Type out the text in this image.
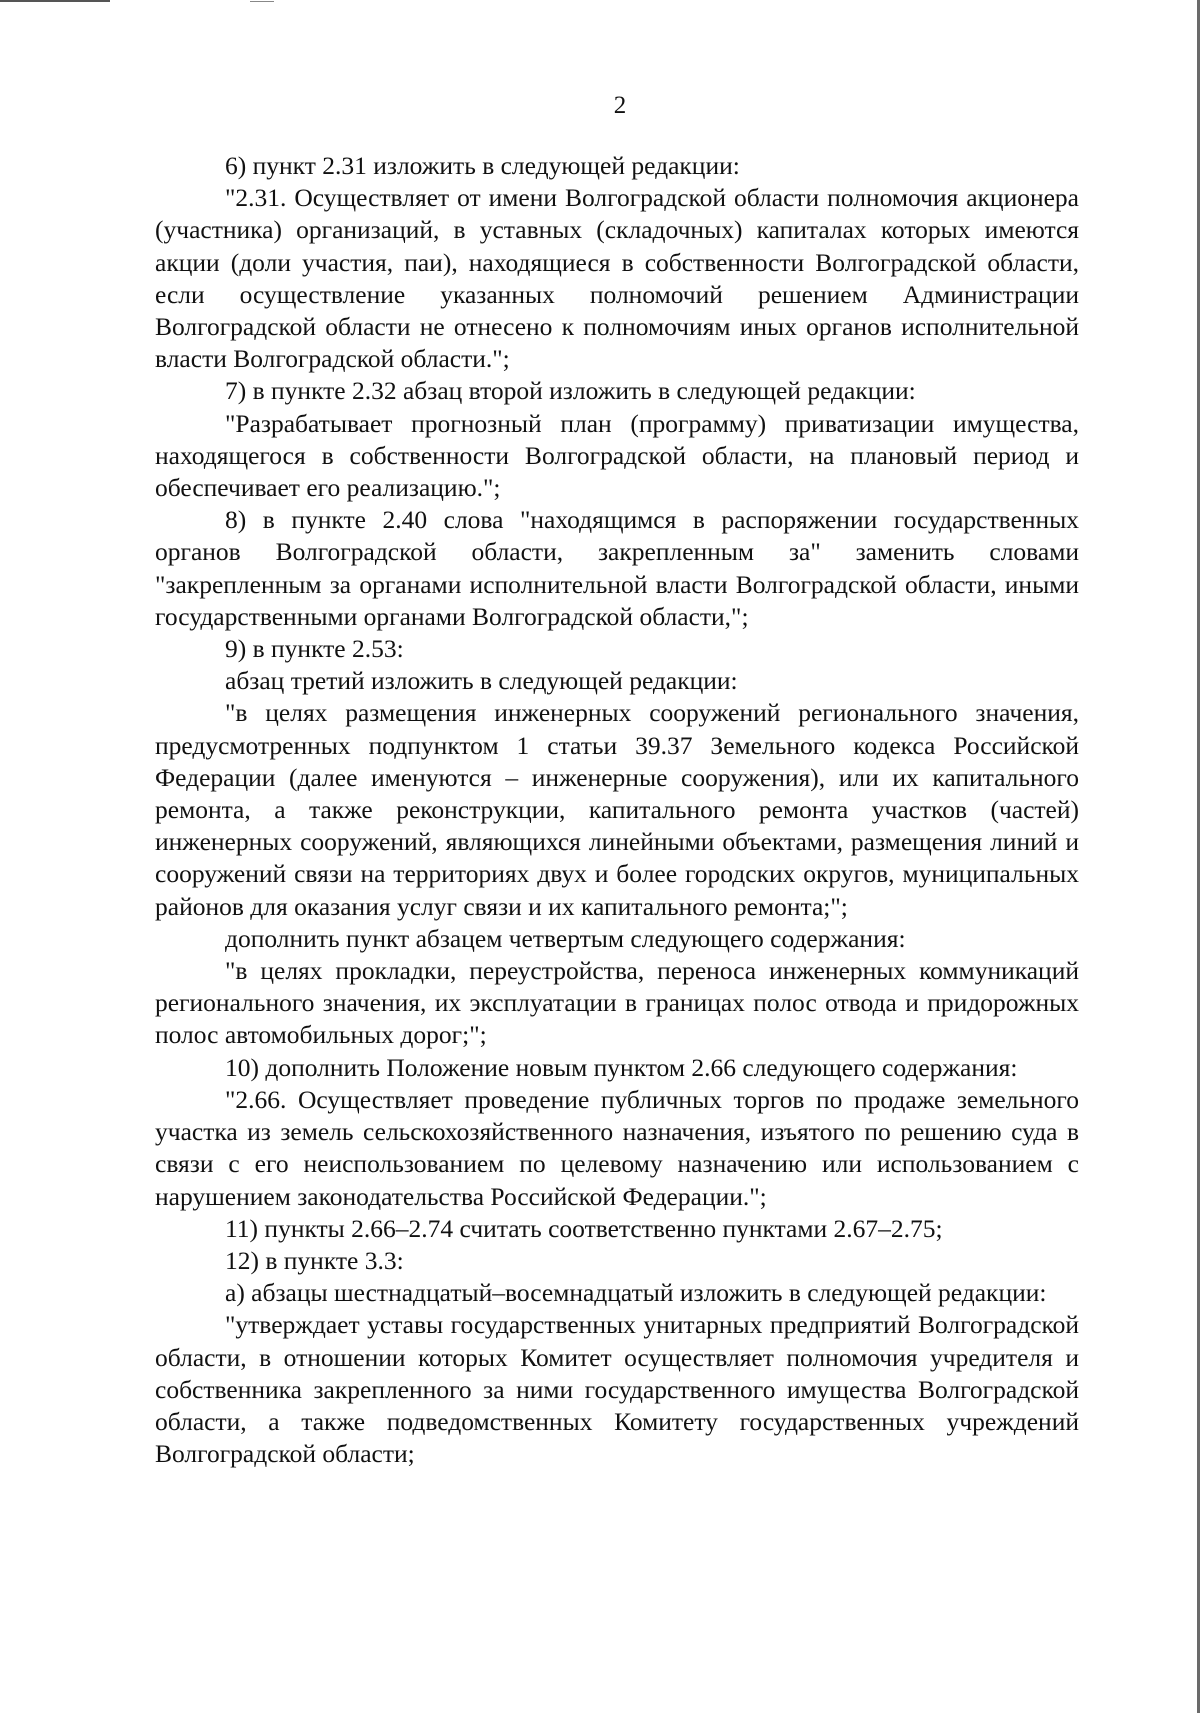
2

6) пункт 2.31 изложить в следующей редакции:

"2.31. Осуществляет от имени Волгоградской области полномочия акционера (участника) организаций, в уставных (складочных) капиталах которых имеются акции (доли участия, паи), находящиеся в собственности Волгоградской области, если осуществление указанных полномочий решением Администрации Волгоградской области не отнесено к полномочиям иных органов исполнительной власти Волгоградской области.";

7) в пункте 2.32 абзац второй изложить в следующей редакции:

"Разрабатывает прогнозный план (программу) приватизации имущества, находящегося в собственности Волгоградской области, на плановый период и обеспечивает его реализацию.";

8) в пункте 2.40 слова "находящимся в распоряжении государственных органов Волгоградской области, закрепленным за" заменить словами "закрепленным за органами исполнительной власти Волгоградской области, иными государственными органами Волгоградской области,";

9) в пункте 2.53:

абзац третий изложить в следующей редакции:

"в целях размещения инженерных сооружений регионального значения, предусмотренных подпунктом 1 статьи 39.37 Земельного кодекса Российской Федерации (далее именуются – инженерные сооружения), или их капитального ремонта, а также реконструкции, капитального ремонта участков (частей) инженерных сооружений, являющихся линейными объектами, размещения линий и сооружений связи на территориях двух и более городских округов, муниципальных районов для оказания услуг связи и их капитального ремонта;";

дополнить пункт абзацем четвертым следующего содержания:

"в целях прокладки, переустройства, переноса инженерных коммуникаций регионального значения, их эксплуатации в границах полос отвода и придорожных полос автомобильных дорог;";

10) дополнить Положение новым пунктом 2.66 следующего содержания:

"2.66. Осуществляет проведение публичных торгов по продаже земельного участка из земель сельскохозяйственного назначения, изъятого по решению суда в связи с его неиспользованием по целевому назначению или использованием с нарушением законодательства Российской Федерации.";

11) пункты 2.66–2.74 считать соответственно пунктами 2.67–2.75;

12) в пункте 3.3:

а) абзацы шестнадцатый–восемнадцатый изложить в следующей редакции:

"утверждает уставы государственных унитарных предприятий Волгоградской области, в отношении которых Комитет осуществляет полномочия учредителя и собственника закрепленного за ними государственного имущества Волгоградской области, а также подведомственных Комитету государственных учреждений Волгоградской области;
